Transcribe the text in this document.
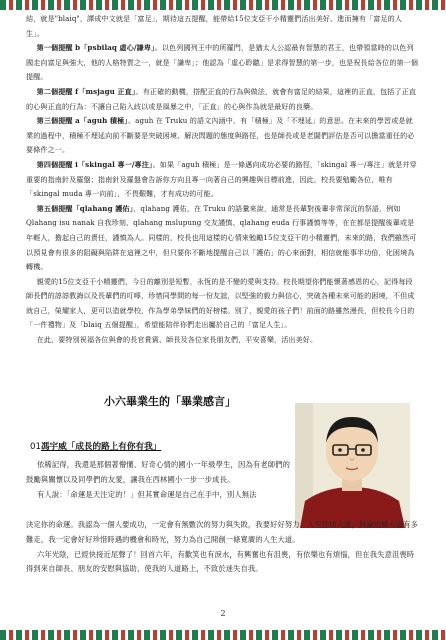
結，就是"blaiq"，譯成中文就是「富足」，期待這五提醒，能帶給15位支亞干小精靈們活出美好、進而擁有「富足的人生」。

第一個提醒 b「psbilaq 虛心/謙卑」。以色列國列王中的所羅門，是猶太人公認最有智慧的君王，也帶領當時的以色列國走向富足與強大，他的人格特質之一，就是「謙卑」；他認為「虛心聆聽」是求得智慧的第一步，也是祝長給各位的第一個提醒。

第二個提醒 f「msjagu 正直」。有正確的動機，搭配正直的行為與做法，就會有富足的結果，這裡的正直，包括了正直的心與正直的行為：不讓自己陷入歧以或是風暴之中，「正直」的心與作為就是最好的良藥。

第三個提醒 a「aguh 積極」。aguh 在 Truku 的語文內涵中，有「積極」及「不埋延」的意思。在未來的學習或是就業的過程中，積極不埋延向前不斷要是突破困境、解決問題的態度與路徑，也是師長或是老闆們評估是否可以擔當重任的必要條件之一。

第四個提醒 i「skingal 專一/專注」。如果「aguh 積極」是一條邁向成功必要的路徑，「skingal 專一/專注」就是井穿重要的指南針及羅盤；指南針及羅盤會告訴你方向且專一向著自己的興趣與目標前進，因此，校長要勉勵各位，唯有「skingal muda 專一向前」，不畏艱難，才有成功的可能。

第五個提醒「qlahang 護佑」，qlahang 護佑，在 Truku 的語彙來說，通常是長輩對後輩非常深沉的祭語，例如 Qlahang isu nanak 自我珍刻、qlahang mslupung 交友謹慎、qlahang euda 行事謹慎等等，在在都是提醒後輩或是年輕人，擔起自己的責任，謹慎為人。同樣的，校長也用這樣的心情來勉勵15位支亞干的小精靈們，未來的路，我們雖然可以預見會有很多的阻礙與陷阱在這裡之中，但只要你不斷地提醒自己以「護佑」的心來面對，相信就能事半功倍，化困境為轉機。

親愛的15位支亞干小精靈們，今日的離別是短暫，永恆的是不變的愛與支持。校長期望你們能懷著感恩的心，記得每段師長們的諄諄教誨以及長輩們的叮嚀，珍惜同學間的每一份友誼，以堅強的毅力與信心，突破各種未來可能的困境，不但成就自己，榮耀家人，更可以造就學校，作為學弟學妹們的好榜樣。別了，親愛的孩子們！前面的路雖然漫長，但校長今日的「一件禮物」及「blaiq 五個提醒」，希望能陪伴你們走出屬於自己的「富足人生」。

在此，要特別祝福各位與會的長官貴賓、師長及各位家長朋友們，平安喜樂，活出美好。

小六畢業生的「畢業感言」
01馮宇威「成長的路上有你有我」

依稀記得，我還是那個著懵懂、好奇心情的國小一年級學生，因為有老師們的鼓勵與關懷以及同學們的友愛，讓我在西林國小一步一步成長。

有人說：「命運是天注定的！」但其實命運是自己在手中，別人無法

決定你的命運。我認為一個人要成功，一定會有無數次的努力與失敗，我要好好努力：人生往坊大道，無論這條大道有多難走，我一定會好好珍惜時遇的機會和時光，努力為自己開創一條寬廣的人生大道。

六年光陰，已經快接近尾聲了！回首六年，有歡笑也有淚水，有興奮也有沮喪，有依樂也有煩惱，但在我失意沮喪時得到來自師長、朋友的安慰與協助，使我的人道路上，不致於迷失自我。

2
